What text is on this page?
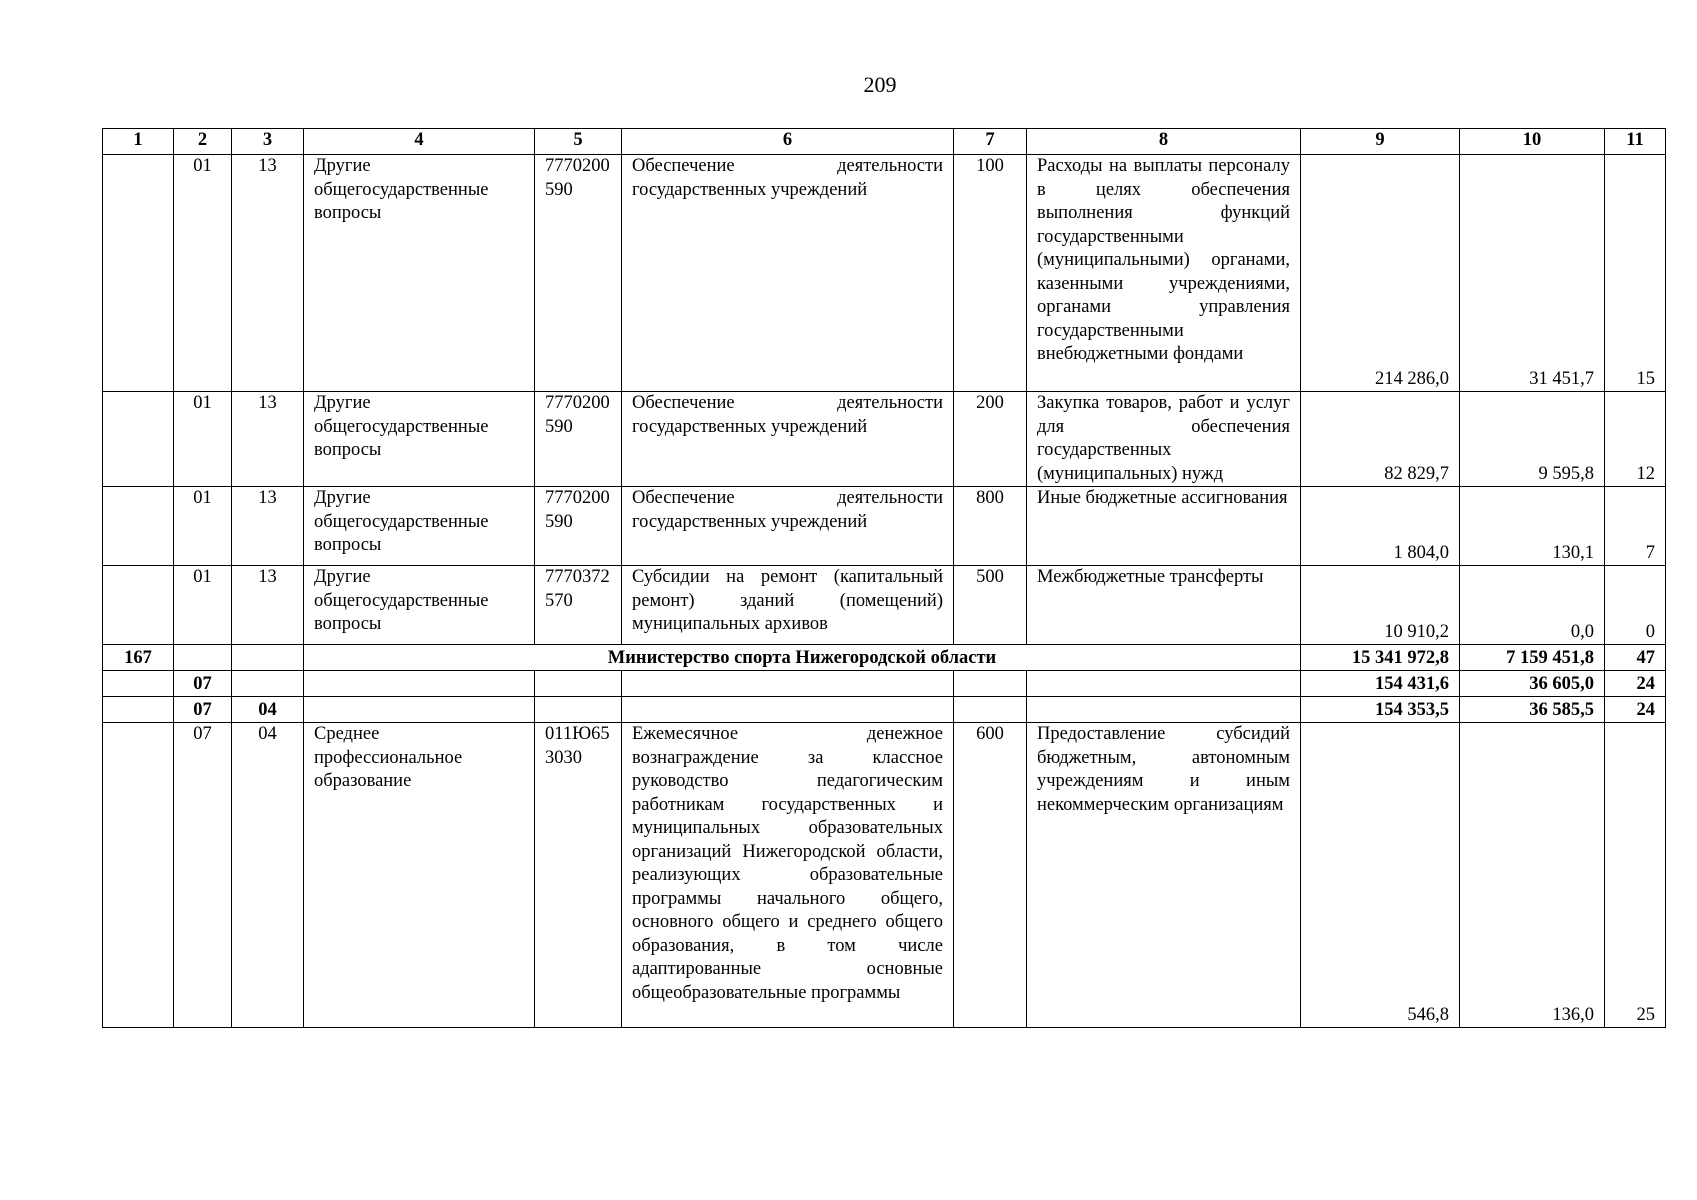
209
1	2	3	4	5	6	7	8	9	10	11
	01	13	Другие общегосударственные вопросы	7770200590	Обеспечение деятельности государственных учреждений	100	Расходы на выплаты персоналу в целях обеспечения выполнения функций государственными (муниципальными) органами, казенными учреждениями, органами управления государственными внебюджетными фондами	214 286,0	31 451,7	15
	01	13	Другие общегосударственные вопросы	7770200590	Обеспечение деятельности государственных учреждений	200	Закупка товаров, работ и услуг для обеспечения государственных (муниципальных) нужд	82 829,7	9 595,8	12
	01	13	Другие общегосударственные вопросы	7770200590	Обеспечение деятельности государственных учреждений	800	Иные бюджетные ассигнования	1 804,0	130,1	7
	01	13	Другие общегосударственные вопросы	7770372570	Субсидии на ремонт (капитальный ремонт) зданий (помещений) муниципальных архивов	500	Межбюджетные трансферты	10 910,2	0,0	0
167			Министерство спорта Нижегородской области					15 341 972,8	7 159 451,8	47
	07							154 431,6	36 605,0	24
	07	04						154 353,5	36 585,5	24
	07	04	Среднее профессиональное образование	011Ю653030	Ежемесячное денежное вознаграждение за классное руководство педагогическим работникам государственных и муниципальных образовательных организаций Нижегородской области, реализующих образовательные программы начального общего, основного общего и среднего общего образования, в том числе адаптированные основные общеобразовательные программы	600	Предоставление субсидий бюджетным, автономным учреждениям и иным некоммерческим организациям	546,8	136,0	25
